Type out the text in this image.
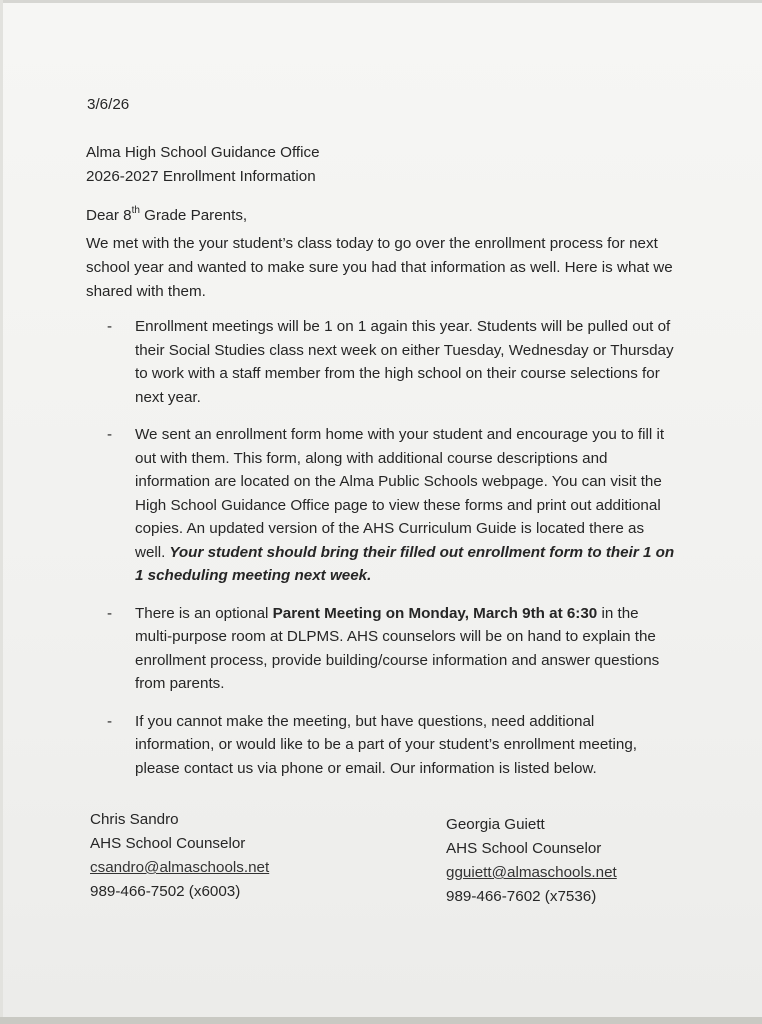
3/6/26
Alma High School Guidance Office
2026-2027 Enrollment Information
Dear 8th Grade Parents,
We met with the your student’s class today to go over the enrollment process for next school year and wanted to make sure you had that information as well. Here is what we shared with them.
- Enrollment meetings will be 1 on 1 again this year. Students will be pulled out of their Social Studies class next week on either Tuesday, Wednesday or Thursday to work with a staff member from the high school on their course selections for next year.
- We sent an enrollment form home with your student and encourage you to fill it out with them. This form, along with additional course descriptions and information are located on the Alma Public Schools webpage. You can visit the High School Guidance Office page to view these forms and print out additional copies. An updated version of the AHS Curriculum Guide is located there as well. Your student should bring their filled out enrollment form to their 1 on 1 scheduling meeting next week.
- There is an optional Parent Meeting on Monday, March 9th at 6:30 in the multi-purpose room at DLPMS. AHS counselors will be on hand to explain the enrollment process, provide building/course information and answer questions from parents.
- If you cannot make the meeting, but have questions, need additional information, or would like to be a part of your student’s enrollment meeting, please contact us via phone or email. Our information is listed below.
Chris Sandro
AHS School Counselor
csandro@almaschools.net
989-466-7502 (x6003)
Georgia Guiett
AHS School Counselor
gguiett@almaschools.net
989-466-7602 (x7536)
